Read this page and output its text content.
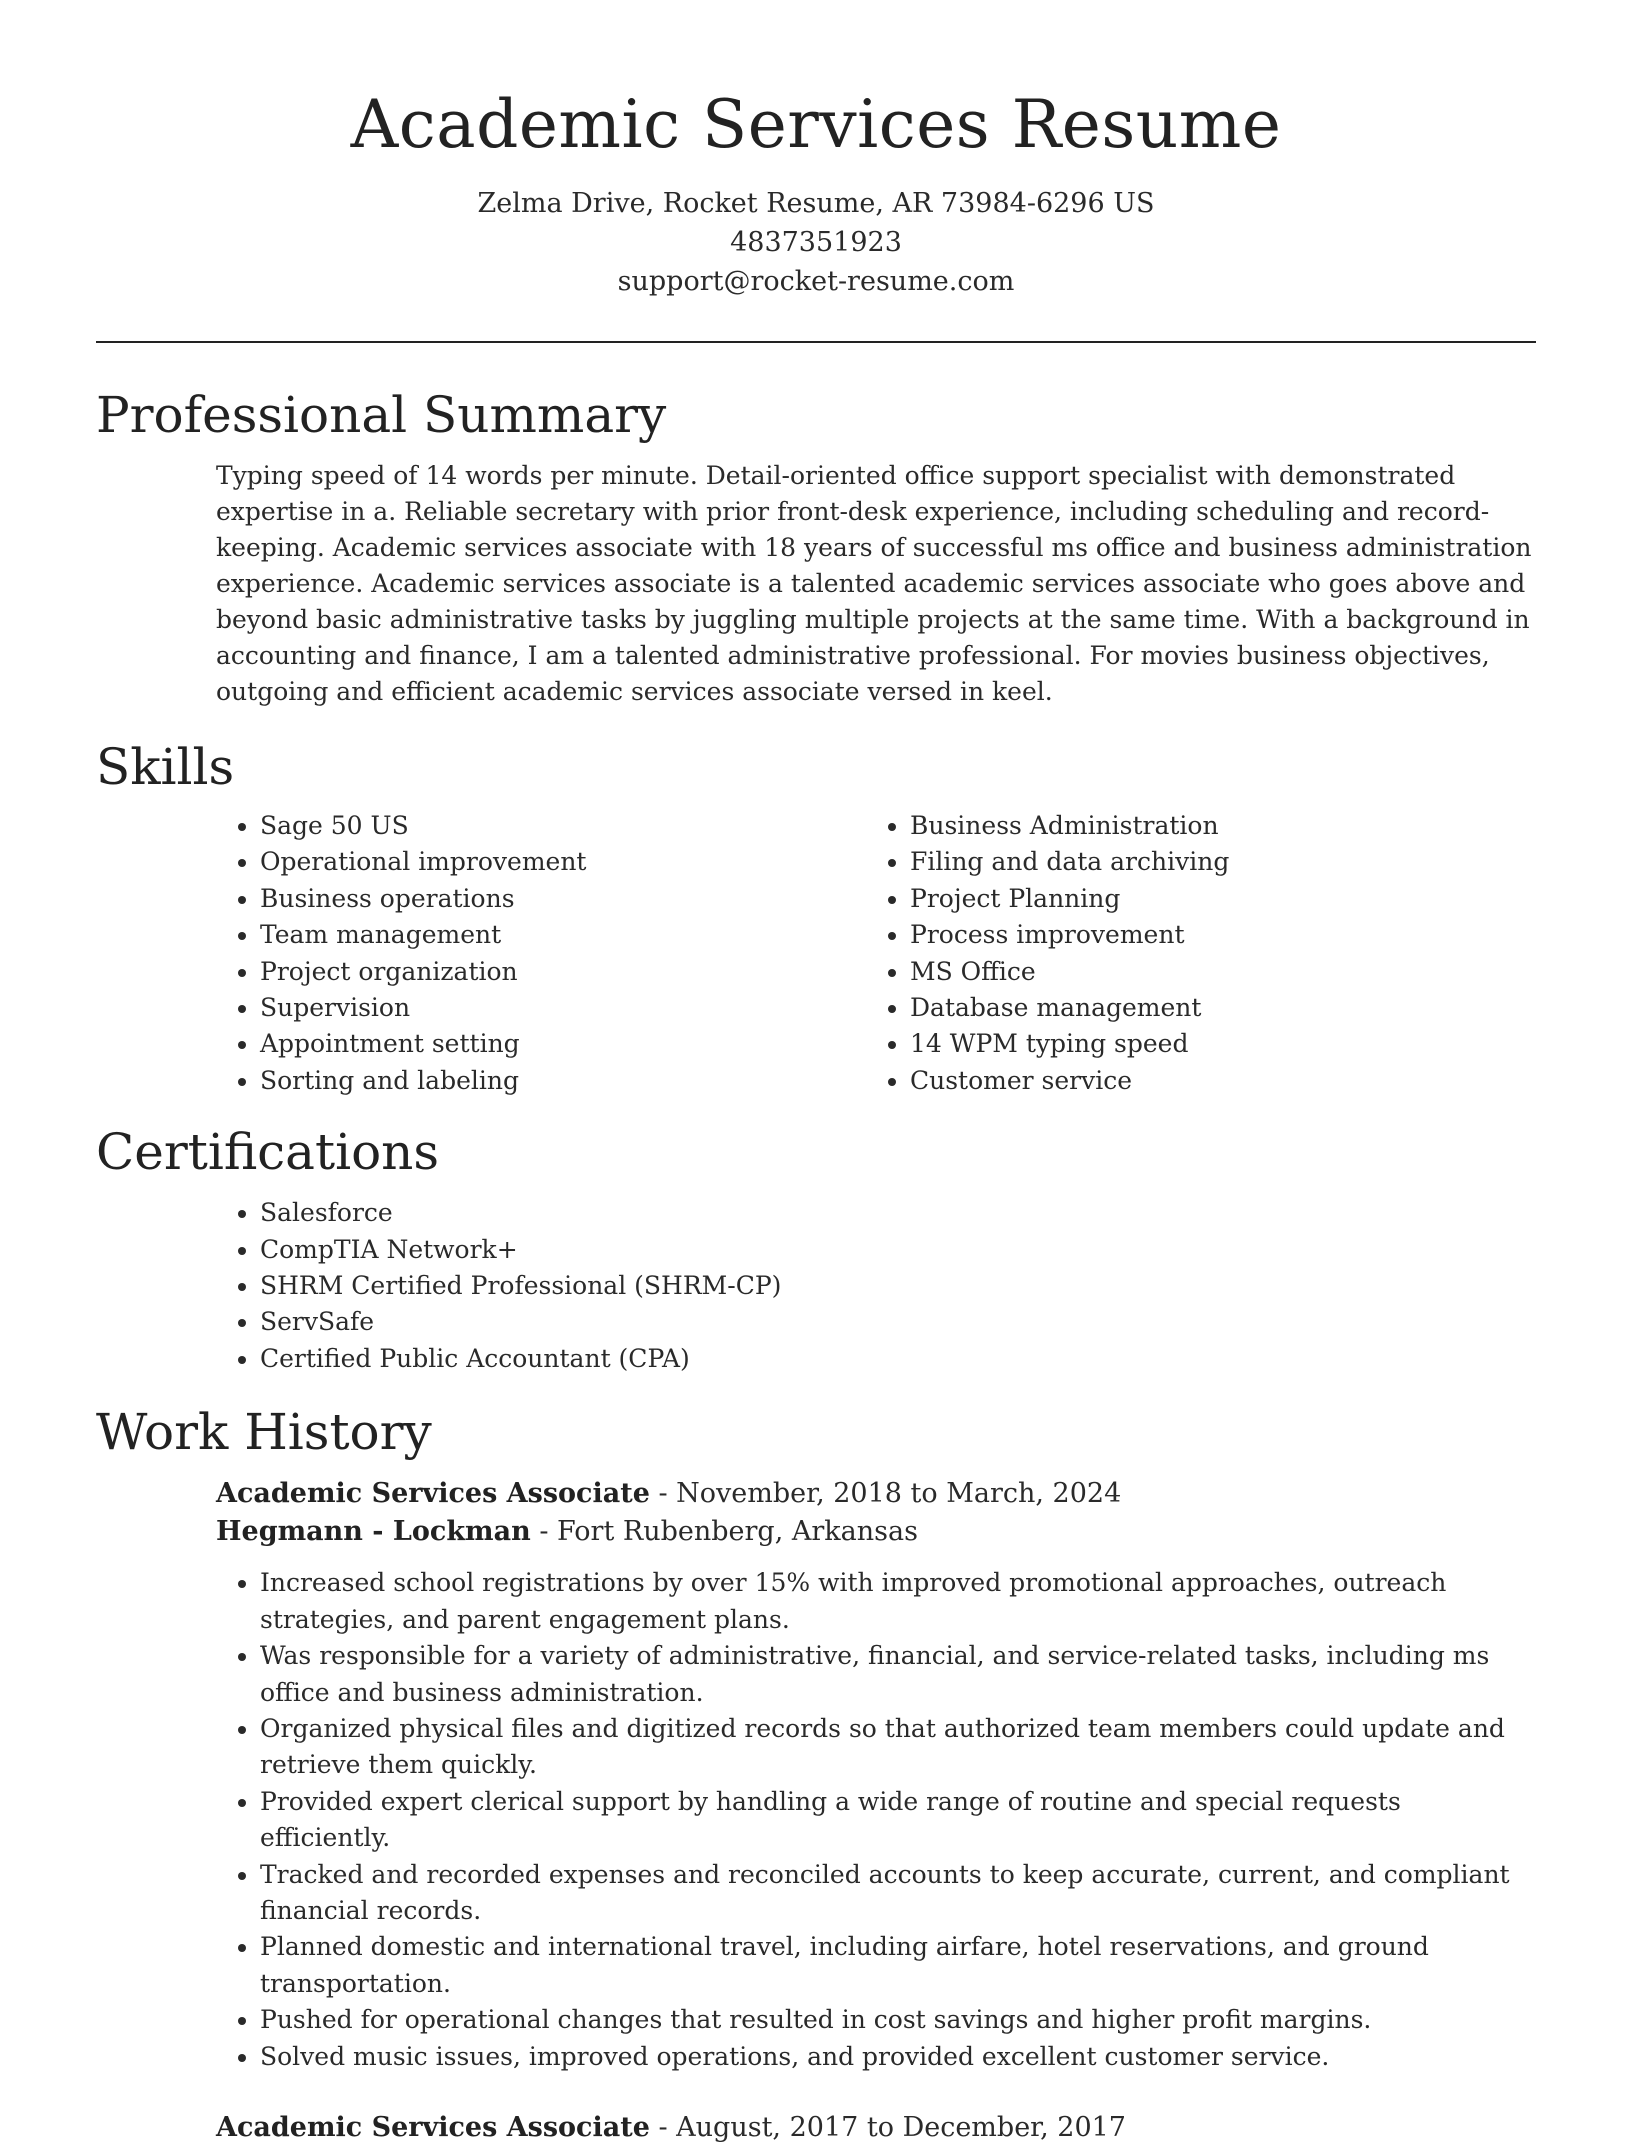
Academic Services Resume
Zelma Drive, Rocket Resume, AR 73984-6296 US
4837351923
support@rocket-resume.com
Professional Summary

Typing speed of 14 words per minute. Detail-oriented office support specialist with demonstrated expertise in a. Reliable secretary with prior front-desk experience, including scheduling and record-keeping. Academic services associate with 18 years of successful ms office and business administration experience. Academic services associate is a talented academic services associate who goes above and beyond basic administrative tasks by juggling multiple projects at the same time. With a background in accounting and finance, I am a talented administrative professional. For movies business objectives, outgoing and efficient academic services associate versed in keel.

Skills
• Sage 50 US
• Operational improvement
• Business operations
• Team management
• Project organization
• Supervision
• Appointment setting
• Sorting and labeling
• Business Administration
• Filing and data archiving
• Project Planning
• Process improvement
• MS Office
• Database management
• 14 WPM typing speed
• Customer service
Certifications
• Salesforce
• CompTIA Network+
• SHRM Certified Professional (SHRM-CP)
• ServSafe
• Certified Public Accountant (CPA)
Work History
Academic Services Associate - November, 2018 to March, 2024
Hegmann - Lockman - Fort Rubenberg, Arkansas
• Increased school registrations by over 15% with improved promotional approaches, outreach strategies, and parent engagement plans.
• Was responsible for a variety of administrative, financial, and service-related tasks, including ms office and business administration.
• Organized physical files and digitized records so that authorized team members could update and retrieve them quickly.
• Provided expert clerical support by handling a wide range of routine and special requests efficiently.
• Tracked and recorded expenses and reconciled accounts to keep accurate, current, and compliant financial records.
• Planned domestic and international travel, including airfare, hotel reservations, and ground transportation.
• Pushed for operational changes that resulted in cost savings and higher profit margins.
• Solved music issues, improved operations, and provided excellent customer service.
Academic Services Associate - August, 2017 to December, 2017
